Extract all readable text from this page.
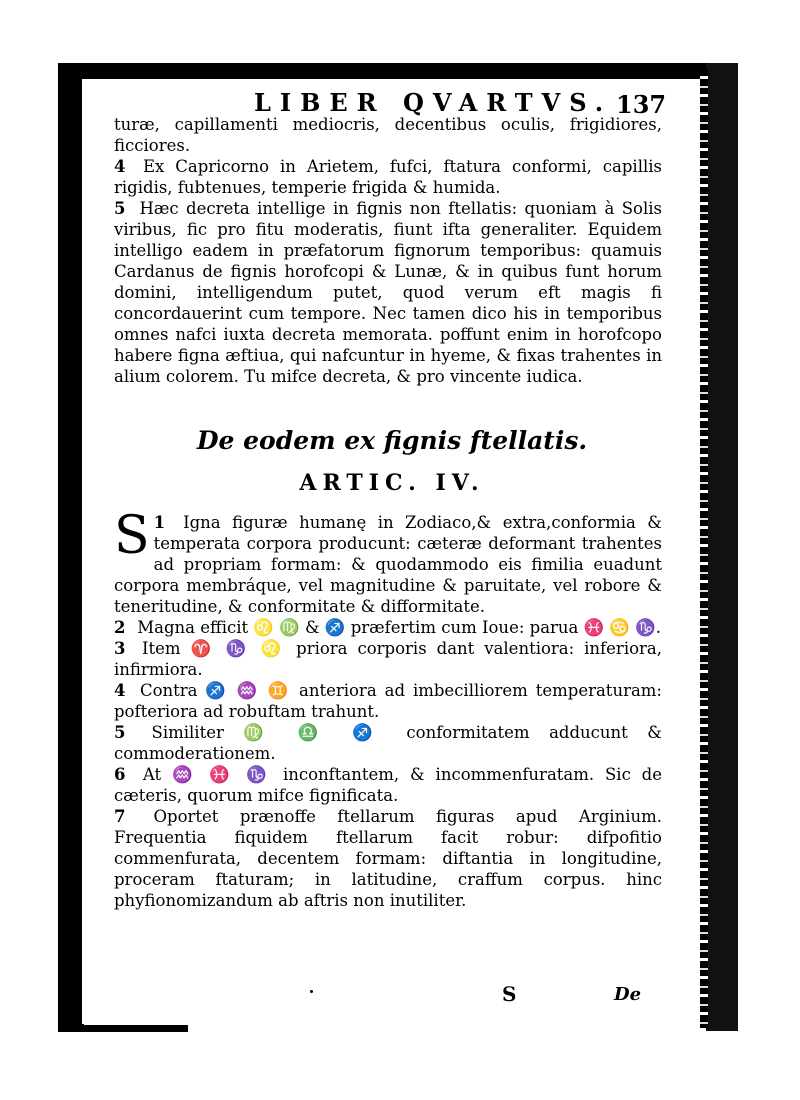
LIBER QVARTVS. 137

turæ, capillamenti mediocris, decentibus oculis, frigidiores, ficciores.

4 Ex Capricorno in Arietem, fufci, ftatura conformi, capillis rigidis, fubtenues, temperie frigida & humida.

5 Hæc decreta intellige in fignis non ftellatis: quoniam à Solis viribus, fic pro fitu moderatis, fiunt ifta generaliter. Equidem intelligo eadem in præfatorum fignorum temporibus: quamuis Cardanus de fignis horofcopi & Lunæ, & in quibus funt horum domini, intelligendum putet, quod verum eft magis fi concordauerint cum tempore. Nec tamen dico his in temporibus omnes nafci iuxta decreta memorata. poffunt enim in horofcopo habere figna æftiua, qui nafcuntur in hyeme, & fixas trahentes in alium colorem. Tu mifce decreta, & pro vincente iudica.

De eodem ex fignis ftellatis.
ARTIC. IV.

1
S Igna figuræ humanę in Zodiaco,& extra,conformia & temperata corpora producunt: cæteræ deformant trahentes ad propriam formam: & quodammodo eis fimilia euadunt corpora membráque, vel magnitudine & paruitate, vel robore & teneritudine, & conformitate & difformitate.

2 Magna efficit ♌ ♍ & ♐ præfertim cum Ioue: parua ♓ ♋ ♑.

3 Item ♈ ♑ ♌ priora corporis dant valentiora: inferiora, infirmiora.

4 Contra ♐ ♒ ♊ anteriora ad imbecilliorem temperaturam: pofteriora ad robuftam trahunt.

5 Similiter ♍ ♎ ♐ conformitatem adducunt & commoderationem.

6 At ♒ ♓ ♑ inconftantem, & incommenfuratam. Sic de cæteris, quorum mifce fignificata.

7 Oportet prænoffe ftellarum figuras apud Arginium. Frequentia fiquidem ftellarum facit robur: difpofitio commenfurata, decentem formam: diftantia in longitudine, proceram ftaturam; in latitudine, craffum corpus. hinc phyfionomizandum ab aftris non inutiliter.

S	De
